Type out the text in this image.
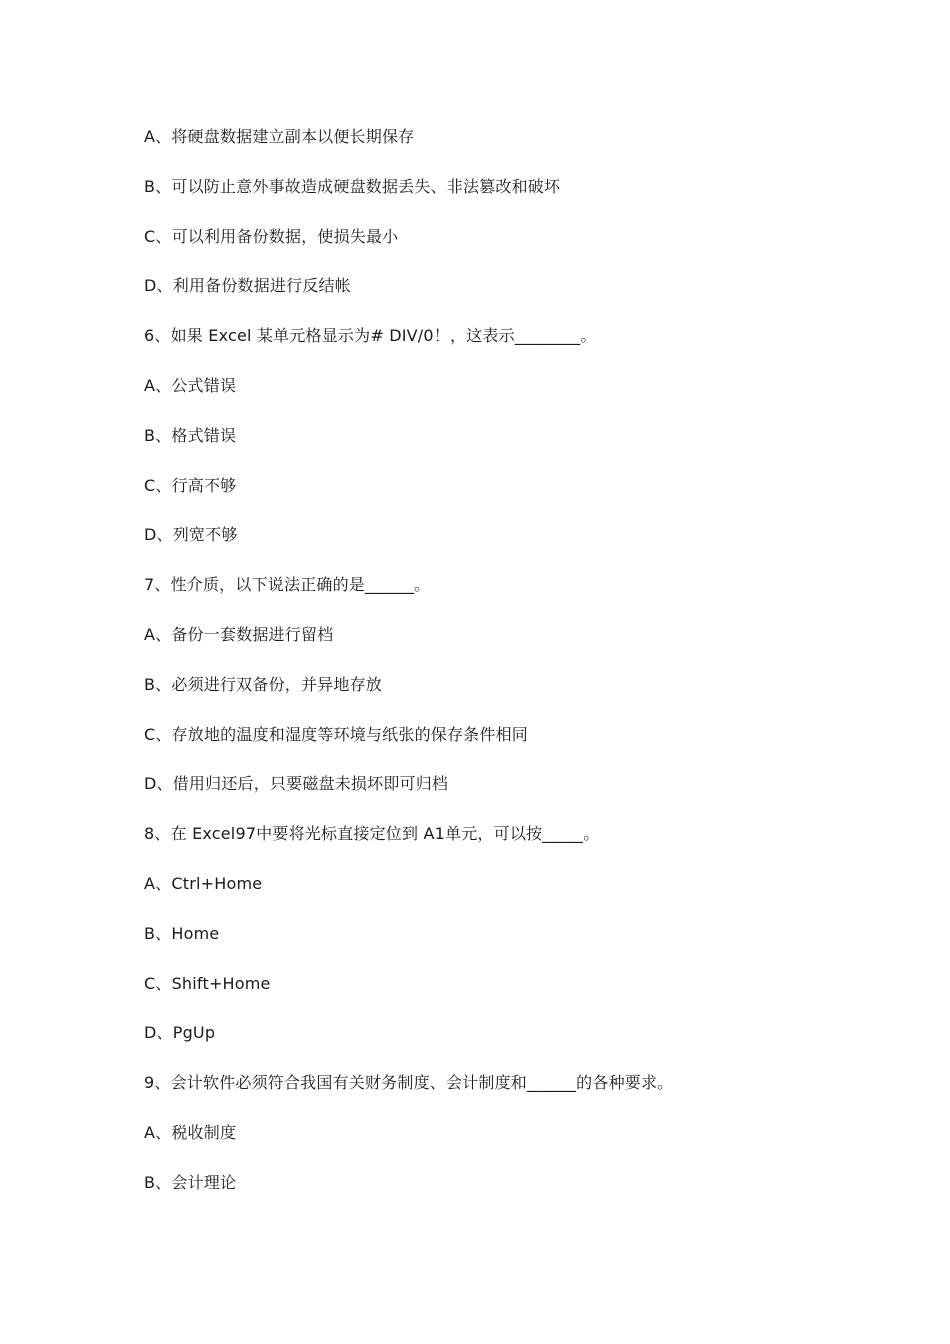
A、将硬盘数据建立副本以便长期保存
B、可以防止意外事故造成硬盘数据丢失、非法篡改和破坏
C、可以利用备份数据，使损失最小
D、利用备份数据进行反结帐
6、如果 Excel 某单元格显示为# DIV/0！，这表示________。
A、公式错误
B、格式错误
C、行高不够
D、列宽不够
7、性介质，以下说法正确的是______。
A、备份一套数据进行留档
B、必须进行双备份，并异地存放
C、存放地的温度和湿度等环境与纸张的保存条件相同
D、借用归还后，只要磁盘未损坏即可归档
8、在 Excel97中要将光标直接定位到 A1单元，可以按_____。
A、Ctrl+Home
B、Home
C、Shift+Home
D、PgUp
9、会计软件必须符合我国有关财务制度、会计制度和______的各种要求。
A、税收制度
B、会计理论
